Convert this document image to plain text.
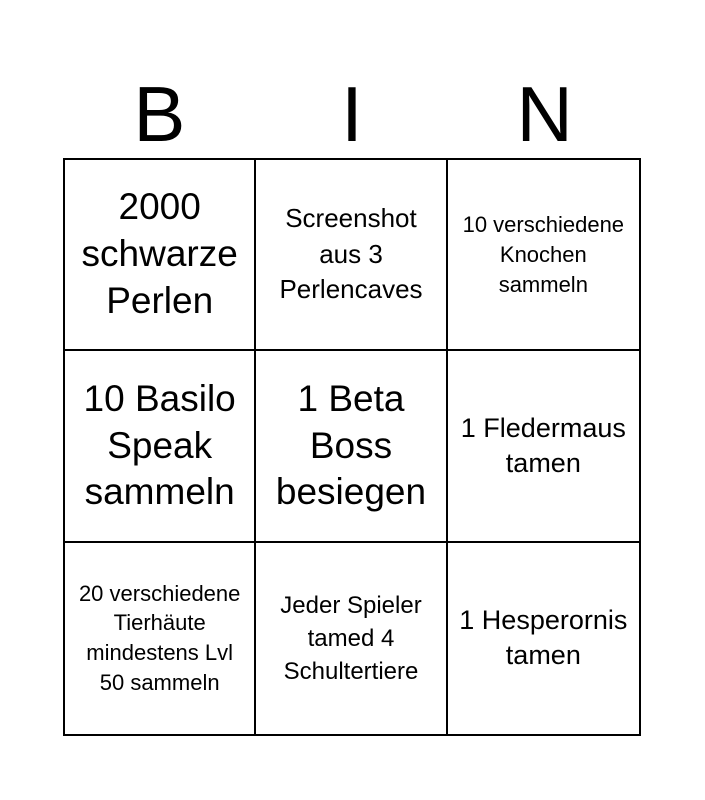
B	I	N
2000 schwarze Perlen
Screenshot aus 3 Perlencaves
10 verschiedene Knochen sammeln
10 Basilo Speak sammeln
1 Beta Boss besiegen
1 Fledermaus tamen
20 verschiedene Tierhäute mindestens Lvl 50 sammeln
Jeder Spieler tamed 4 Schultertiere
1 Hesperornis tamen
